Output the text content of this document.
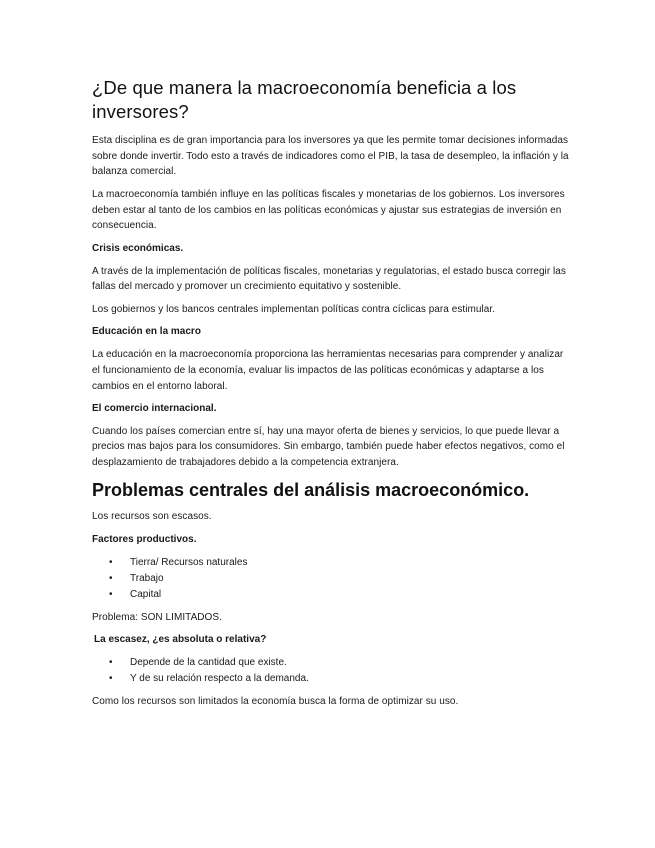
¿De que manera la macroeconomía beneficia a los inversores?

Esta disciplina es de gran importancia para los inversores ya que les permite tomar decisiones informadas sobre donde invertir. Todo esto a través de indicadores como el PIB, la tasa de desempleo, la inflación y la balanza comercial.

La macroeconomía también influye en las políticas fiscales y monetarias de los gobiernos. Los inversores deben estar al tanto de los cambios en las políticas económicas y ajustar sus estrategias de inversión en consecuencia.

Crisis económicas.

A través de la implementación de políticas fiscales, monetarias y regulatorias, el estado busca corregir las fallas del mercado y promover un crecimiento equitativo y sostenible.

Los gobiernos y los bancos centrales implementan políticas contra cíclicas para estimular.

Educación en la macro

La educación en la macroeconomía proporciona las herramientas necesarias para comprender y analizar el funcionamiento de la economía, evaluar lis impactos de las políticas económicas y adaptarse a los cambios en el entorno laboral.

El comercio internacional.

Cuando los países comercian entre sí, hay una mayor oferta de bienes y servicios, lo que puede llevar a precios mas bajos para los consumidores. Sin embargo, también puede haber efectos negativos, como el desplazamiento de trabajadores debido a la competencia extranjera.

Problemas centrales del análisis macroeconómico.

Los recursos son escasos.

Factores productivos.
• Tierra/ Recursos naturales
• Trabajo
• Capital

Problema: SON LIMITADOS.

La escasez, ¿es absoluta o relativa?
• Depende de la cantidad que existe.
• Y de su relación respecto a la demanda.

Como los recursos son limitados la economía busca la forma de optimizar su uso.
